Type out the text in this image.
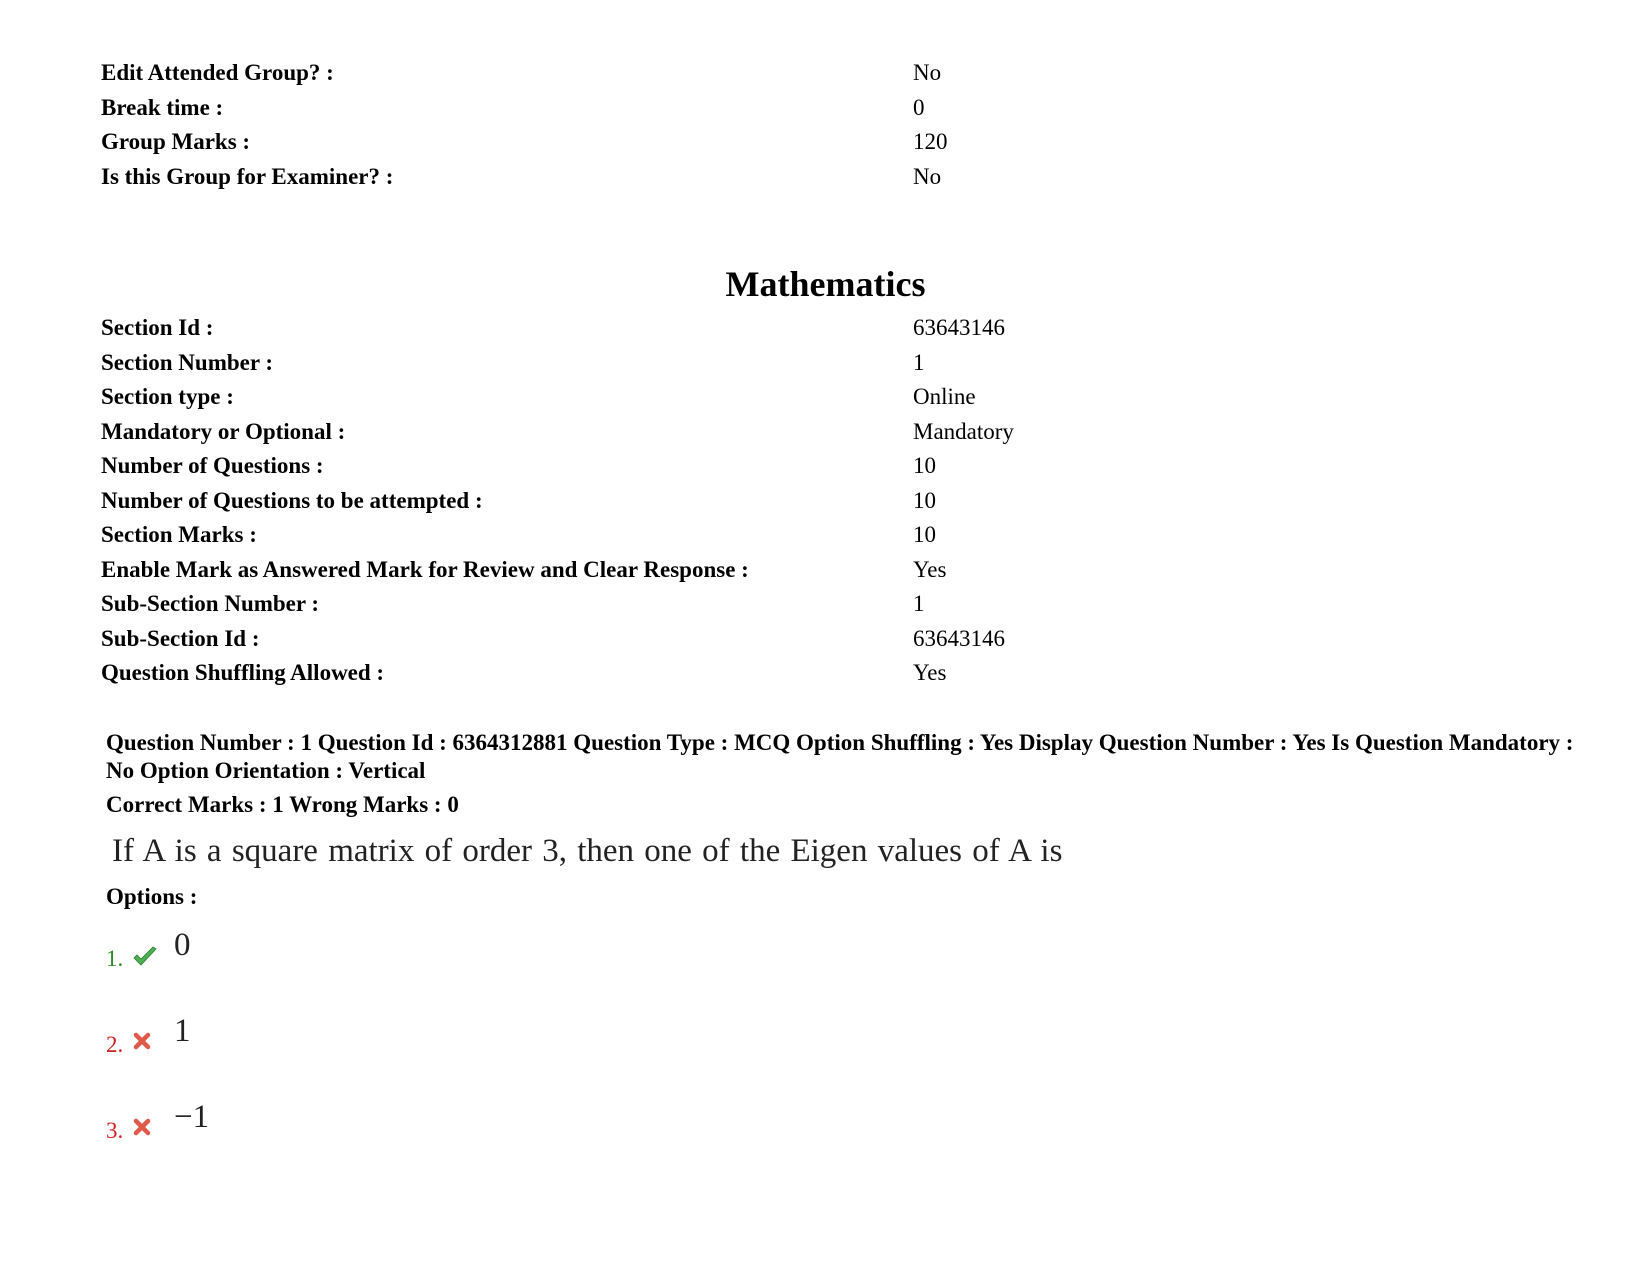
Edit Attended Group? :	No
Break time :	0
Group Marks :	120
Is this Group for Examiner? :	No
Mathematics
Section Id :	63643146
Section Number :	1
Section type :	Online
Mandatory or Optional :	Mandatory
Number of Questions :	10
Number of Questions to be attempted :	10
Section Marks :	10
Enable Mark as Answered Mark for Review and Clear Response :	Yes
Sub-Section Number :	1
Sub-Section Id :	63643146
Question Shuffling Allowed :	Yes
Question Number : 1 Question Id : 6364312881 Question Type : MCQ Option Shuffling : Yes Display Question Number : Yes Is Question Mandatory : No Option Orientation : Vertical
Correct Marks : 1 Wrong Marks : 0
If A is a square matrix of order 3, then one of the Eigen values of A is
Options :
1. 0
2. 1
3. −1
